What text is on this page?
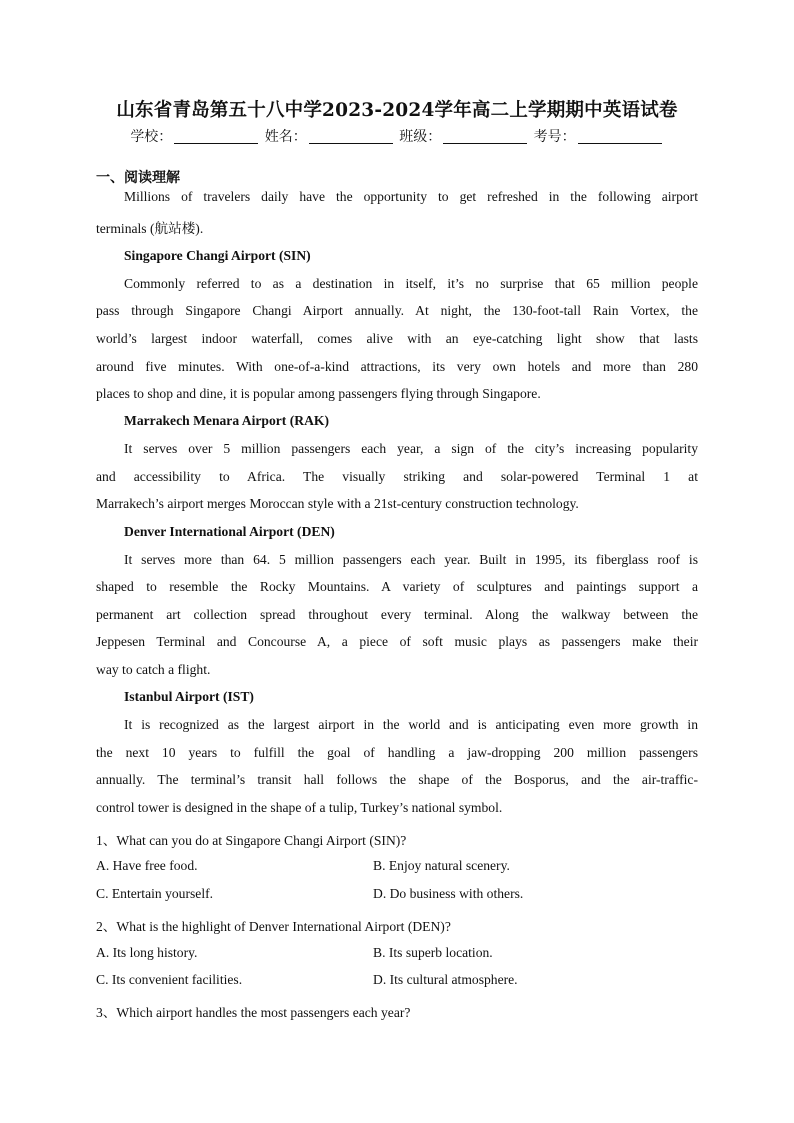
山东省青岛第五十八中学2023-2024学年高二上学期期中英语试卷
学校：	姓名：	班级：	考号：
一、阅读理解
Millions of travelers daily have the opportunity to get refreshed in the following airport
terminals (航站楼).
Singapore Changi Airport (SIN)
Commonly referred to as a destination in itself, it’s no surprise that 65 million people
pass through Singapore Changi Airport annually. At night, the 130-foot-tall Rain Vortex, the
world’s largest indoor waterfall, comes alive with an eye-catching light show that lasts
around five minutes. With one-of-a-kind attractions, its very own hotels and more than 280
places to shop and dine, it is popular among passengers flying through Singapore.
Marrakech Menara Airport (RAK)
It serves over 5 million passengers each year, a sign of the city’s increasing popularity
and accessibility to Africa. The visually striking and solar-powered Terminal 1 at
Marrakech’s airport merges Moroccan style with a 21st-century construction technology.
Denver International Airport (DEN)
It serves more than 64. 5 million passengers each year. Built in 1995, its fiberglass roof is
shaped to resemble the Rocky Mountains. A variety of sculptures and paintings support a
permanent art collection spread throughout every terminal. Along the walkway between the
Jeppesen Terminal and Concourse A, a piece of soft music plays as passengers make their
way to catch a flight.
Istanbul Airport (IST)
It is recognized as the largest airport in the world and is anticipating even more growth in
the next 10 years to fulfill the goal of handling a jaw-dropping 200 million passengers
annually. The terminal’s transit hall follows the shape of the Bosporus, and the air-traffic-
control tower is designed in the shape of a tulip, Turkey’s national symbol.
1、What can you do at Singapore Changi Airport (SIN)?
A. Have free food.	B. Enjoy natural scenery.
C. Entertain yourself.	D. Do business with others.
2、What is the highlight of Denver International Airport (DEN)?
A. Its long history.	B. Its superb location.
C. Its convenient facilities.	D. Its cultural atmosphere.
3、Which airport handles the most passengers each year?
